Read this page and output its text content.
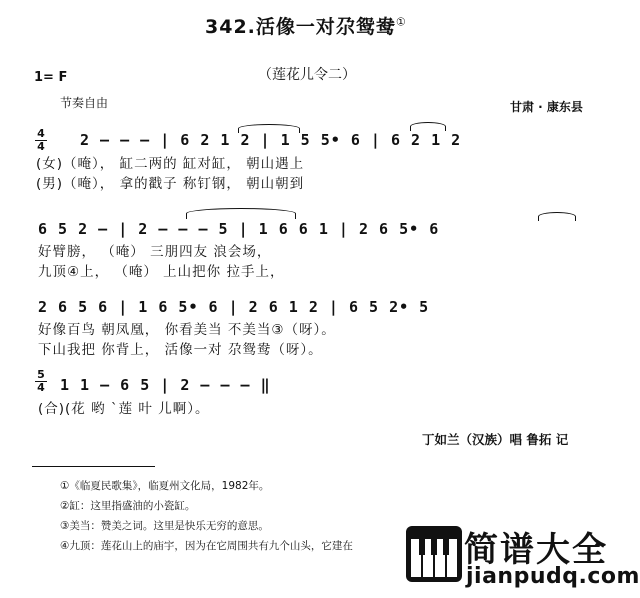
342.活像一对尕鸳鸯①
1= F	（莲花儿令二）
节奏自由	甘肃 · 康东县
4
4 2 — — — | 6 2 1 2 | 1 5 5• 6 | 6 2 1 2
(女)（唵）， 缸二两的 缸对缸， 朝山遇上
(男)（唵）， 拿的戳子 称钉钢， 朝山朝到
6 5 2 — | 2 — — — 5 | 1 6 6 1 | 2 6 5• 6
好臂膀， （唵） 三朋四友 浪会场，
九顶④上， （唵） 上山把你 拉手上，
2 6 5 6 | 1 6 5• 6 | 2 6 1 2 | 6 5 2• 5
好像百鸟 朝凤凰， 你看美当 不美当③（呀）。
下山我把 你背上， 活像一对 尕鸳鸯（呀）。
5
4 1 1 — 6 5 | 2 — — — ‖
(合)(花 哟 ˋ莲 叶 儿啊）。
丁如兰（汉族）唱 鲁拓 记
①《临夏民歌集》，临夏州文化局，1982年。
②缸：这里指盛油的小瓷缸。
③美当：赞美之词。这里是快乐无穷的意思。
④九顶：莲花山上的庙宇，因为在它周围共有九个山头，它建在	简谱大全
jianpudq.com
